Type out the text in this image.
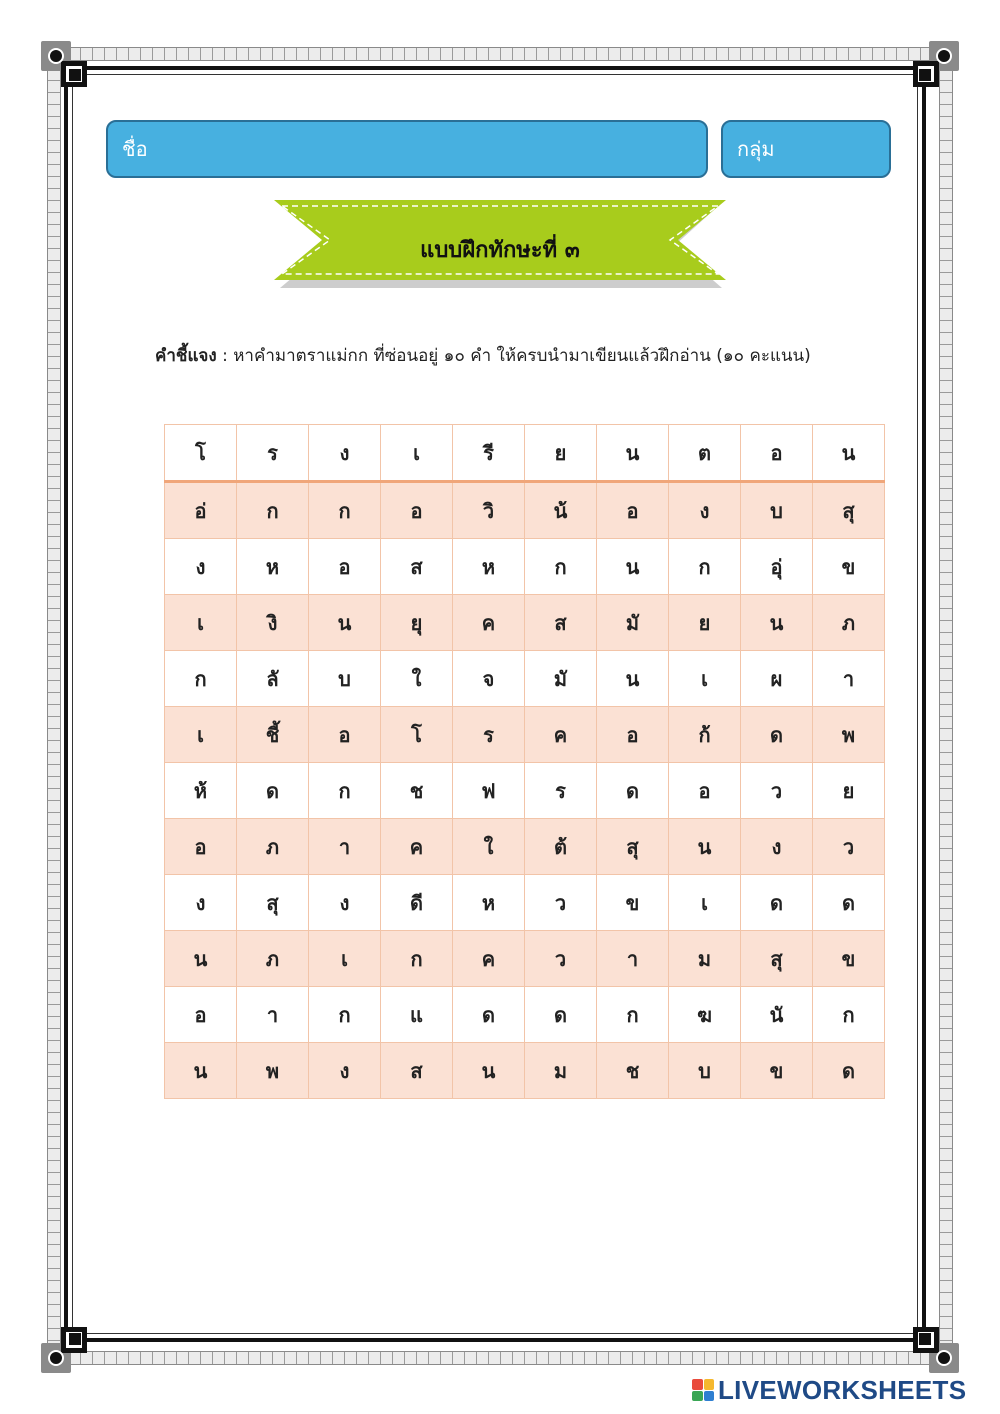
ชื่อ	กลุ่ม
แบบฝึกทักษะที่ ๓
คำชี้แจง : หาคำมาตราแม่กก ที่ซ่อนอยู่ ๑๐ คำ ให้ครบนำมาเขียนแล้วฝึกอ่าน (๑๐ คะแนน)
โ	ร	ง	เ	รี	ย	น	ต	อ	น
อ่	ก	ก	อ	วิ	น้	อ	ง	บ	สุ
ง	ห	อ	ส	ห	ก	น	ก	อุ่	ข
เ	งิ	น	ยุ	ค	ส	มั	ย	น	ภ
ก	ลั	บ	ใ	จ	มั	น	เ	ผ	า
เ	ชี้	อ	โ	ร	ค	อ	ก้	ด	พ
ห้	ด	ก	ช	ฟ	ร	ด	อ	ว	ย
อ	ภ	า	ค	ใ	ต้	สุ	น	ง	ว
ง	สุ	ง	ดี	ห	ว	ข	เ	ด	ด
น	ภ	เ	ก	ค	ว	า	ม	สุ	ข
อ	า	ก	แ	ด	ด	ก	ฆ	นั	ก
น	พ	ง	ส	น	ม	ช	บ	ข	ด
LIVEWORKSHEETS
